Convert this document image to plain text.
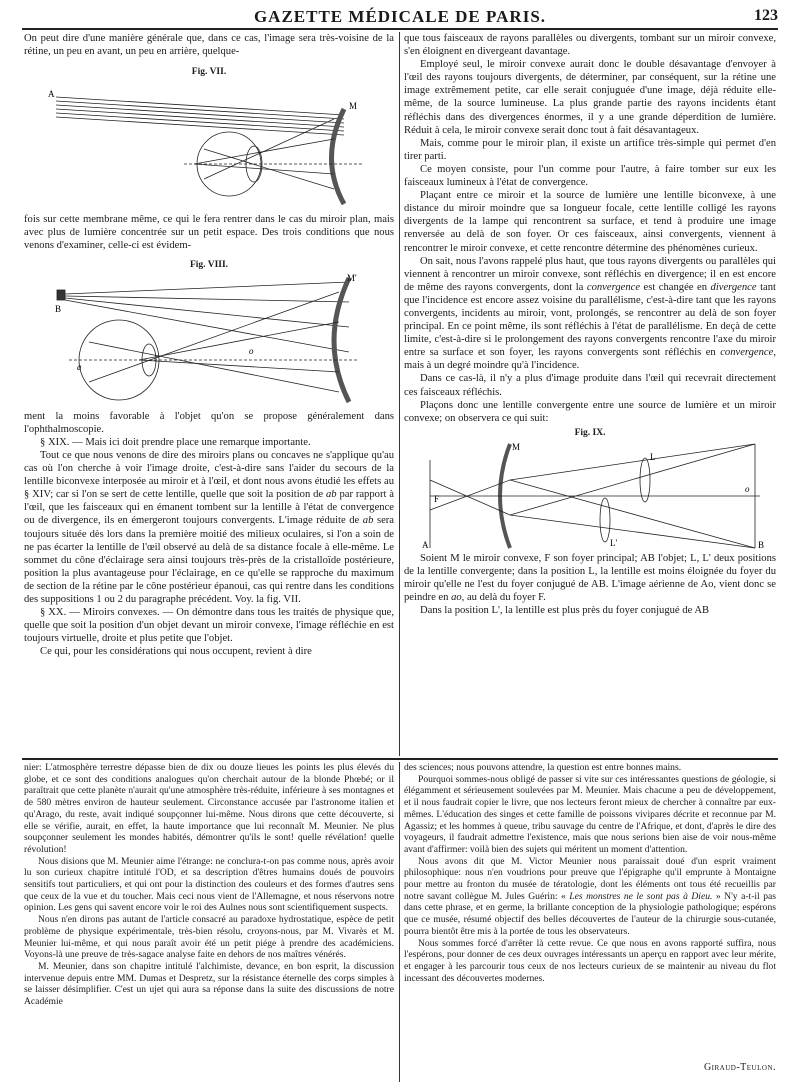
GAZETTE MÉDICALE DE PARIS.	123

On peut dire d'une manière générale que, dans ce cas, l'image sera très-voisine de la rétine, un peu en avant, un peu en arrière, quelque-

Fig. VII.

A
M

fois sur cette membrane même, ce qui le fera rentrer dans le cas du miroir plan, mais avec plus de lumière concentrée sur un petit espace. Des trois conditions que nous venons d'examiner, celle-ci est évidem-

Fig. VIII.

B
M'
a
o

ment la moins favorable à l'objet qu'on se propose généralement dans l'ophthalmoscopie.

§ XIX. — Mais ici doit prendre place une remarque importante.

Tout ce que nous venons de dire des miroirs plans ou concaves ne s'applique qu'au cas où l'on cherche à voir l'image droite, c'est-à-dire sans l'aider du secours de la lentille biconvexe interposée au miroir et à l'œil, et dont nous avons étudié les effets au § XIV; car si l'on se sert de cette lentille, quelle que soit la position de ab par rapport à l'œil, que les faisceaux qui en émanent tombent sur la lentille à l'état de convergence ou de divergence, ils en émergeront toujours convergents. L'image réduite de ab sera toujours située dès lors dans la première moitié des milieux oculaires, si l'on a soin de ne pas écarter la lentille de l'œil observé au delà de sa distance focale à elle-même. Le sommet du cône d'éclairage sera ainsi toujours très-près de la cristalloïde postérieure, position la plus avantageuse pour l'éclairage, en ce qu'elle se rapproche du maximum de section de la rétine par le cône postérieur épanoui, cas qui rentre dans les conditions des suppositions 1 ou 2 du paragraphe précédent. Voy. la fig. VII.

§ XX. — Miroirs convexes. — On démontre dans tous les traités de physique que, quelle que soit la position d'un objet devant un miroir convexe, l'image réfléchie en est toujours virtuelle, droite et plus petite que l'objet.

Ce qui, pour les considérations qui nous occupent, revient à dire

que tous faisceaux de rayons parallèles ou divergents, tombant sur un miroir convexe, s'en éloignent en divergeant davantage.

Employé seul, le miroir convexe aurait donc le double désavantage d'envoyer à l'œil des rayons toujours divergents, de déterminer, par conséquent, sur la rétine une image extrêmement petite, car elle serait conjuguée d'une image, déjà réduite elle-même, de la source lumineuse. La plus grande partie des rayons incidents étant réfléchis dans des divergences énormes, il y a une grande déperdition de lumière. Réduit à cela, le miroir convexe serait donc tout à fait désavantageux.

Mais, comme pour le miroir plan, il existe un artifice très-simple qui permet d'en tirer parti.

Ce moyen consiste, pour l'un comme pour l'autre, à faire tomber sur eux les faisceaux lumineux à l'état de convergence.

Plaçant entre ce miroir et la source de lumière une lentille biconvexe, à une distance du miroir moindre que sa longueur focale, cette lentille colligé les rayons divergents de la lampe qui rencontrent sa surface, et tend à produire une image renversée au delà de son foyer. Or ces faisceaux, ainsi convergents, viennent à rencontrer le miroir convexe, et cette rencontre détermine des phénomènes curieux.

On sait, nous l'avons rappelé plus haut, que tous rayons divergents ou parallèles qui viennent à rencontrer un miroir convexe, sont réfléchis en divergence; il en est encore de même des rayons convergents, dont la convergence est changée en divergence tant que l'incidence est encore assez voisine du parallélisme, c'est-à-dire tant que les rayons convergents, incidents au miroir, vont, prolongés, se rencontrer au delà de son foyer principal. En ce point même, ils sont réfléchis à l'état de parallélisme. En deçà de cette limite, c'est-à-dire si le prolongement des rayons convergents rencontre l'axe du miroir entre sa surface et son foyer, les rayons convergents sont réfléchis en convergence, mais à un degré moindre qu'à l'incidence.

Dans ce cas-là, il n'y a plus d'image produite dans l'œil qui recevrait directement ces faisceaux réfléchis.

Plaçons donc une lentille convergente entre une source de lumière et un miroir convexe; on observera ce qui suit:

Fig. IX.

M
F
A	B
L
L'
o

Soient M le miroir convexe, F son foyer principal; AB l'objet; L, L' deux positions de la lentille convergente; dans la position L, la lentille est moins éloignée du foyer du miroir qu'elle ne l'est du foyer conjugué de AB. L'image aérienne de Ao, vient donc se peindre en ao, au delà du foyer F.

Dans la position L', la lentille est plus près du foyer conjugué de AB

nier: L'atmosphère terrestre dépasse bien de dix ou douze lieues les points les plus élevés du globe, et ce sont des conditions analogues qu'on cherchait autour de la blonde Phœbé; or il paraîtrait que cette planète n'aurait qu'une atmosphère très-réduite, inférieure à ses montagnes et de 580 mètres environ de hauteur seulement. Circonstance accusée par l'astronome italien et qu'Arago, du reste, avait indiqué soupçonner lui-même. Nous dirons que cette découverte, si elle se vérifie, aurait, en effet, la haute importance que lui reconnaît M. Meunier. Ne plus soupçonner seulement les mondes habités, démontrer qu'ils le sont! quelle révélation! quelle révolution!

Nous disions que M. Meunier aime l'étrange: ne conclura-t-on pas comme nous, après avoir lu son curieux chapitre intitulé l'OD, et sa description d'êtres humains doués de pouvoirs sensitifs tout particuliers, et qui ont pour la distinction des couleurs et des formes d'autres sens que ceux de la vue et du toucher. Mais ceci nous vient de l'Allemagne, et nous réservons notre opinion. Les gens qui savent encore voir le roi des Aulnes nous sont scientifiquement suspects.

Nous n'en dirons pas autant de l'article consacré au paradoxe hydrostatique, espèce de petit problème de physique expérimentale, très-bien résolu, croyons-nous, par M. Vivarès et M. Meunier lui-même, et qui nous paraît avoir été un petit piége à prendre des académiciens. Voyons-là une preuve de très-sagace analyse faite en dehors de nos maîtres vénérés.

M. Meunier, dans son chapitre intitulé l'alchimiste, devance, en bon esprit, la discussion intervenue depuis entre MM. Dumas et Despretz, sur la résistance éternelle des corps simples à se laisser désimplifier. C'est un ujet qui aura sa réponse dans la suite des discussions de notre Académie

des sciences; nous pouvons attendre, la question est entre bonnes mains.

Pourquoi sommes-nous obligé de passer si vite sur ces intéressantes questions de géologie, si élégamment et sérieusement soulevées par M. Meunier. Mais chacune a peu de développement, et il nous faudrait copier le livre, que nos lecteurs feront mieux de chercher à connaître par eux-mêmes. L'éducation des singes et cette famille de poissons vivipares décrite et reconnue par M. Agassiz; et les hommes à queue, tribu sauvage du centre de l'Afrique, et dont, d'après le dire des voyageurs, il faudrait admettre l'existence, mais que nous serions bien aise de voir nous-même avant d'affirmer: voilà bien des sujets qui méritent un moment d'attention.

Nous avons dit que M. Victor Meunier nous paraissait doué d'un esprit vraiment philosophique: nous n'en voudrions pour preuve que l'épigraphe qu'il emprunte à Montaigne pour mettre au fronton du musée de tératologie, dont les éléments ont tous été recueillis par notre savant collègue M. Jules Guérin: « Les monstres ne le sont pas à Dieu. » N'y a-t-il pas dans cette phrase, et en germe, la brillante conception de la physiologie pathologique; espérons que ce musée, résumé objectif des belles découvertes de l'auteur de la chirurgie sous-cutanée, pourra bientôt être mis à la portée de tous les observateurs.

Nous sommes forcé d'arrêter là cette revue. Ce que nous en avons rapporté suffira, nous l'espérons, pour donner de ces deux ouvrages intéressants un aperçu en rapport avec leur mérite, et engager à les parcourir tous ceux de nos lecteurs curieux de se maintenir au niveau du flot incessant des découvertes modernes.

Giraud-Teulon.
